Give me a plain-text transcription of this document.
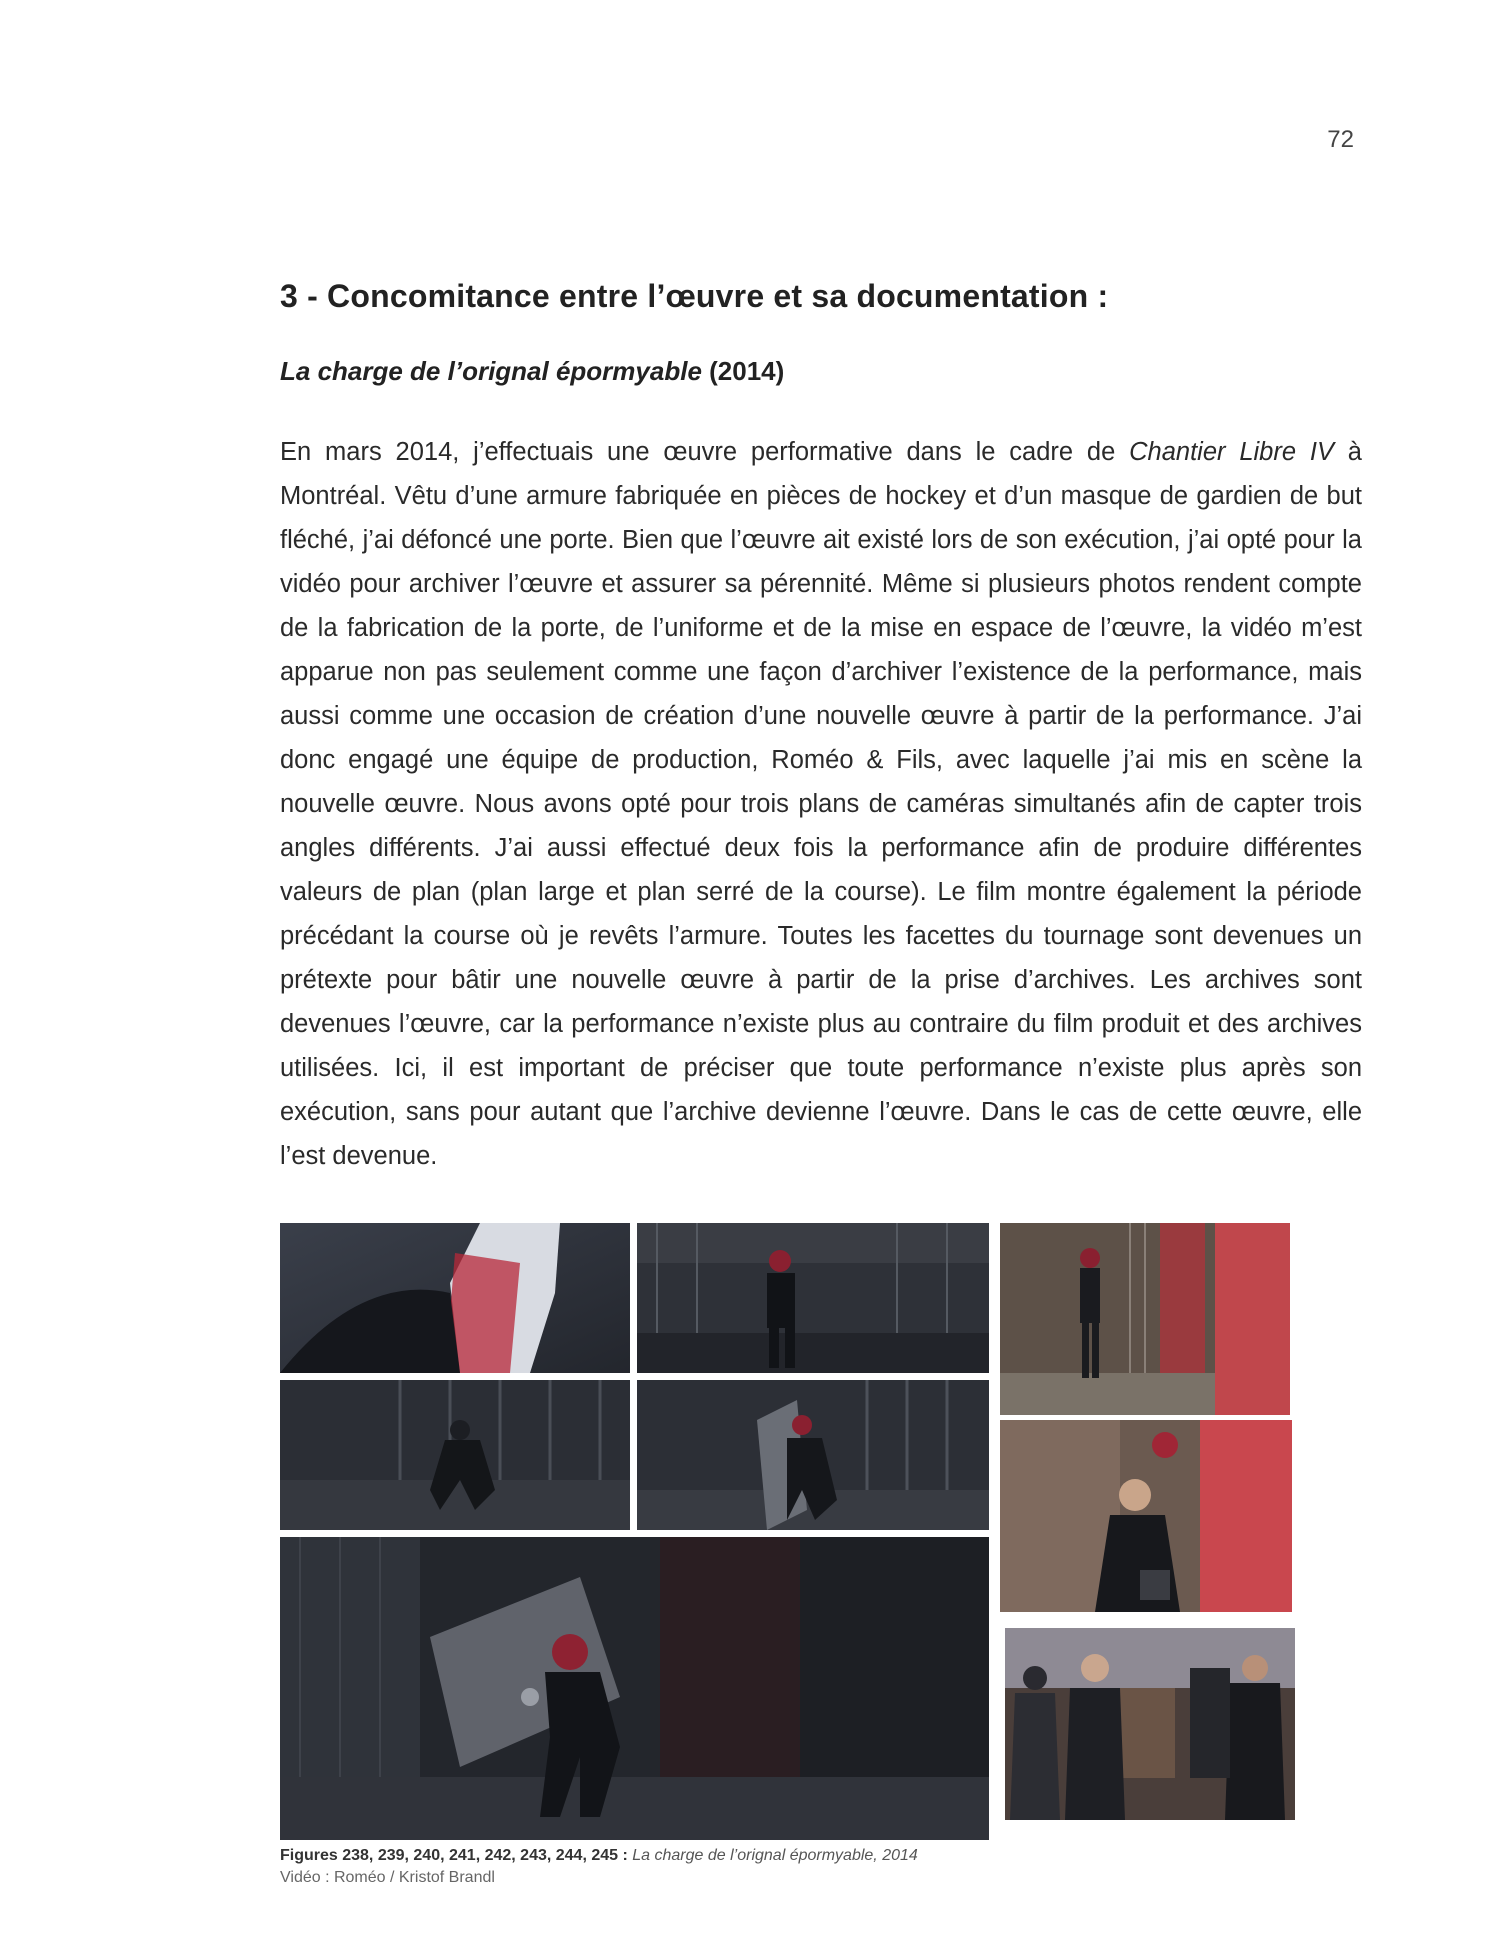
72
3 - Concomitance entre l’œuvre et sa documentation :
La charge de l’orignal épormyable (2014)

En mars 2014, j’effectuais une œuvre performative dans le cadre de Chantier Libre IV à Montréal. Vêtu d’une armure fabriquée en pièces de hockey et d’un masque de gardien de but fléché, j’ai défoncé une porte. Bien que l’œuvre ait existé lors de son exécution, j’ai opté pour la vidéo pour archiver l’œuvre et assurer sa pérennité. Même si plusieurs photos rendent compte de la fabrication de la porte, de l’uniforme et de la mise en espace de l’œuvre, la vidéo m’est apparue non pas seulement comme une façon d’archiver l’existence de la performance, mais aussi comme une occasion de création d’une nouvelle œuvre à partir de la performance. J’ai donc engagé une équipe de production, Roméo & Fils, avec laquelle j’ai mis en scène la nouvelle œuvre. Nous avons opté pour trois plans de caméras simultanés afin de capter trois angles différents. J’ai aussi effectué deux fois la performance afin de produire différentes valeurs de plan (plan large et plan serré de la course). Le film montre également la période précédant la course où je revêts l’armure. Toutes les facettes du tournage sont devenues un prétexte pour bâtir une nouvelle œuvre à partir de la prise d’archives. Les archives sont devenues l’œuvre, car la performance n’existe plus au contraire du film produit et des archives utilisées. Ici, il est important de préciser que toute performance n’existe plus après son exécution, sans pour autant que l’archive devienne l’œuvre. Dans le cas de cette œuvre, elle l’est devenue.

Figures 238, 239, 240, 241, 242, 243, 244, 245 : La charge de l’orignal épormyable, 2014
Vidéo : Roméo / Kristof Brandl
